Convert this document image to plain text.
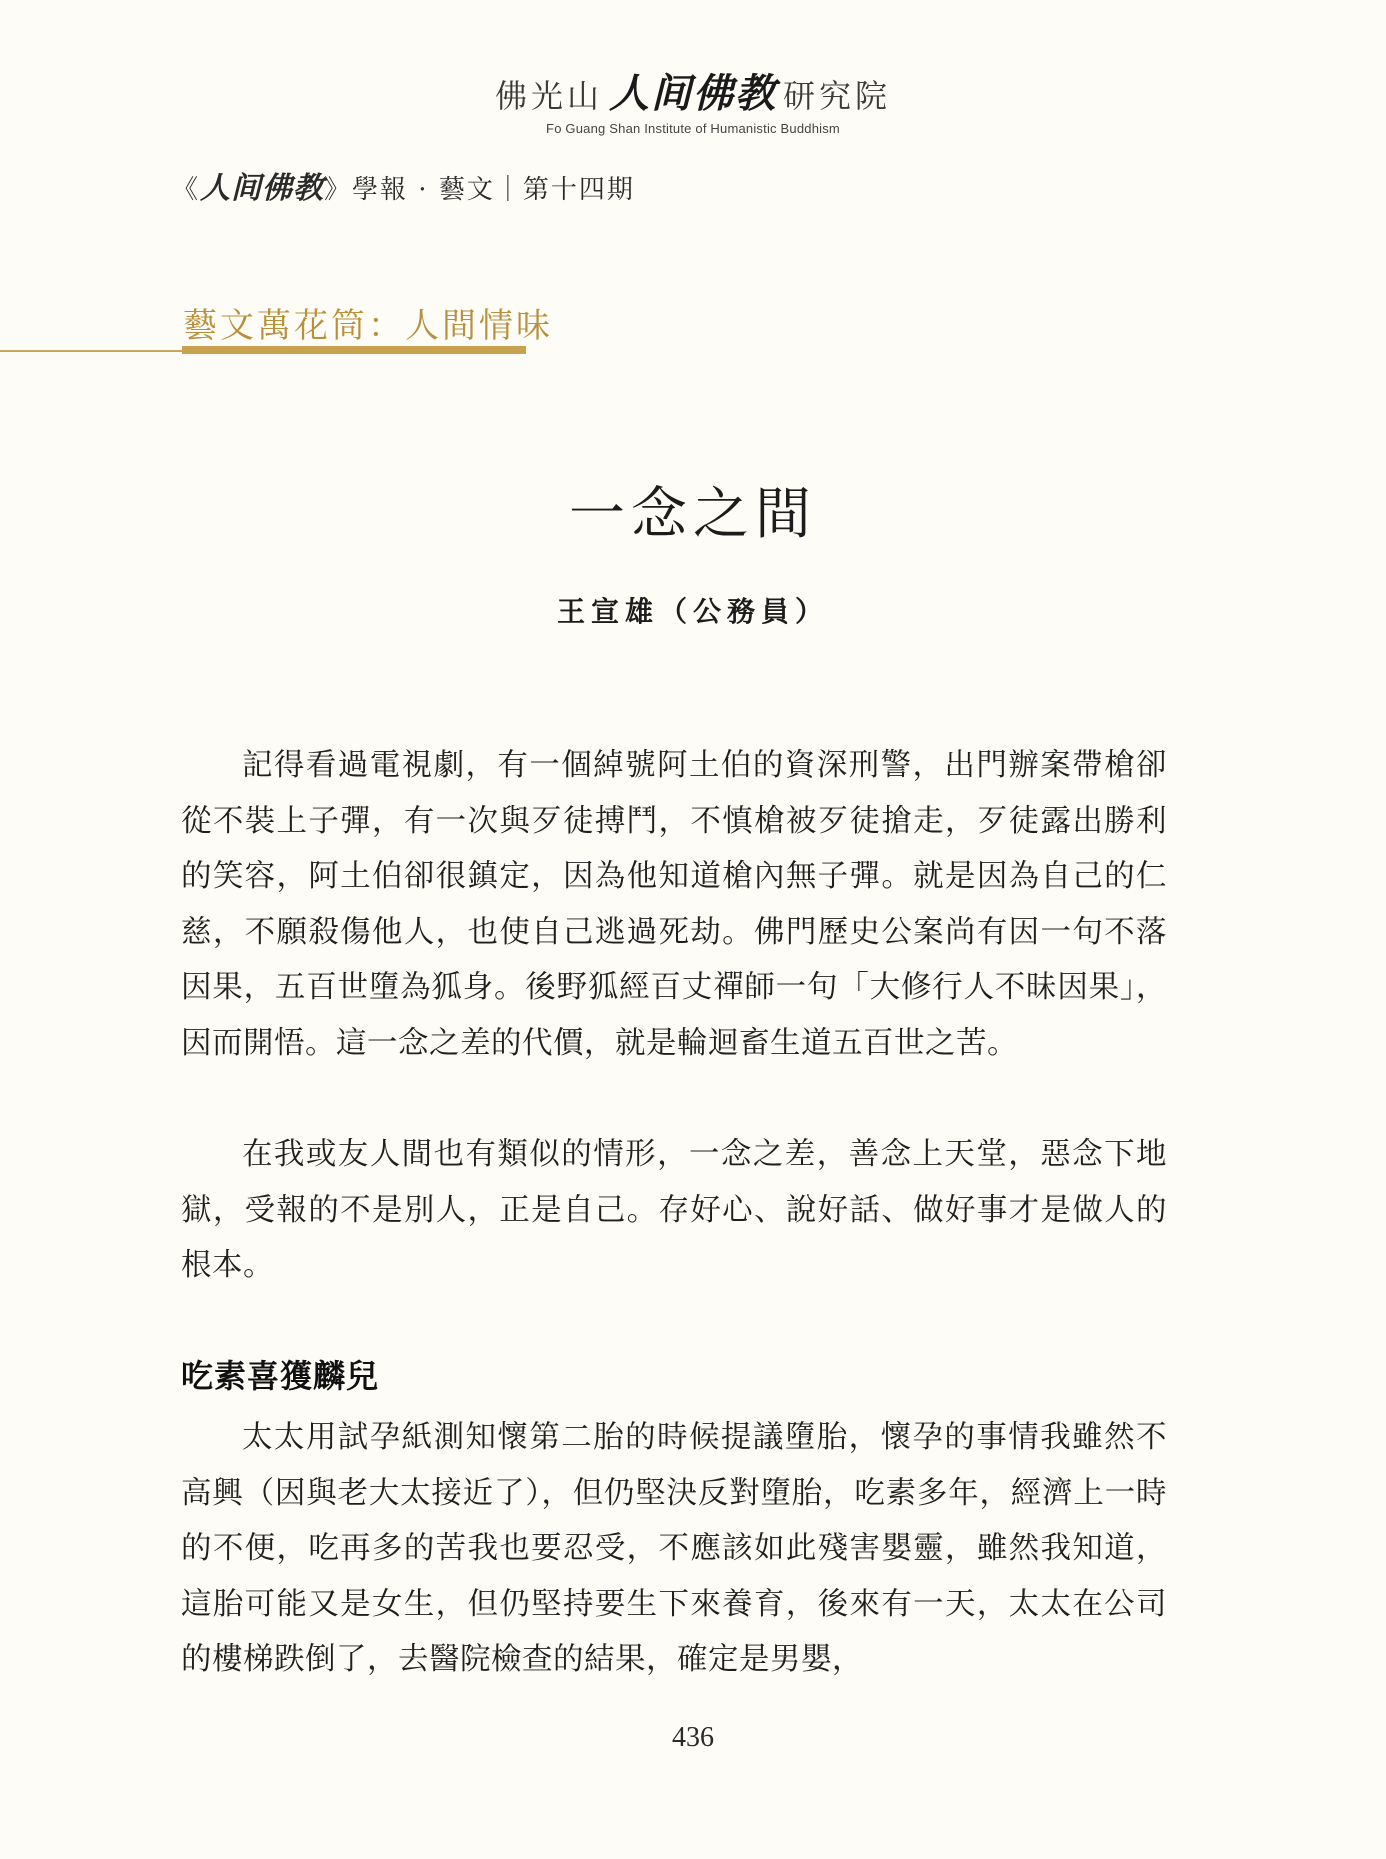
佛光山 人间佛教 研究院
Fo Guang Shan Institute of Humanistic Buddhism
《人间佛教》學報 · 藝文｜第十四期
藝文萬花筒：人間情味
一念之間
王宣雄（公務員）

記得看過電視劇，有一個綽號阿土伯的資深刑警，出門辦案帶槍卻從不裝上子彈，有一次與歹徒搏鬥，不慎槍被歹徒搶走，歹徒露出勝利的笑容，阿土伯卻很鎮定，因為他知道槍內無子彈。就是因為自己的仁慈，不願殺傷他人，也使自己逃過死劫。佛門歷史公案尚有因一句不落因果，五百世墮為狐身。後野狐經百丈禪師一句「大修行人不昧因果」，因而開悟。這一念之差的代價，就是輪迴畜生道五百世之苦。

在我或友人間也有類似的情形，一念之差，善念上天堂，惡念下地獄，受報的不是別人，正是自己。存好心、說好話、做好事才是做人的根本。

吃素喜獲麟兒

太太用試孕紙測知懷第二胎的時候提議墮胎，懷孕的事情我雖然不高興（因與老大太接近了），但仍堅決反對墮胎，吃素多年，經濟上一時的不便，吃再多的苦我也要忍受，不應該如此殘害嬰靈，雖然我知道，這胎可能又是女生，但仍堅持要生下來養育，後來有一天，太太在公司的樓梯跌倒了，去醫院檢查的結果，確定是男嬰，

436
